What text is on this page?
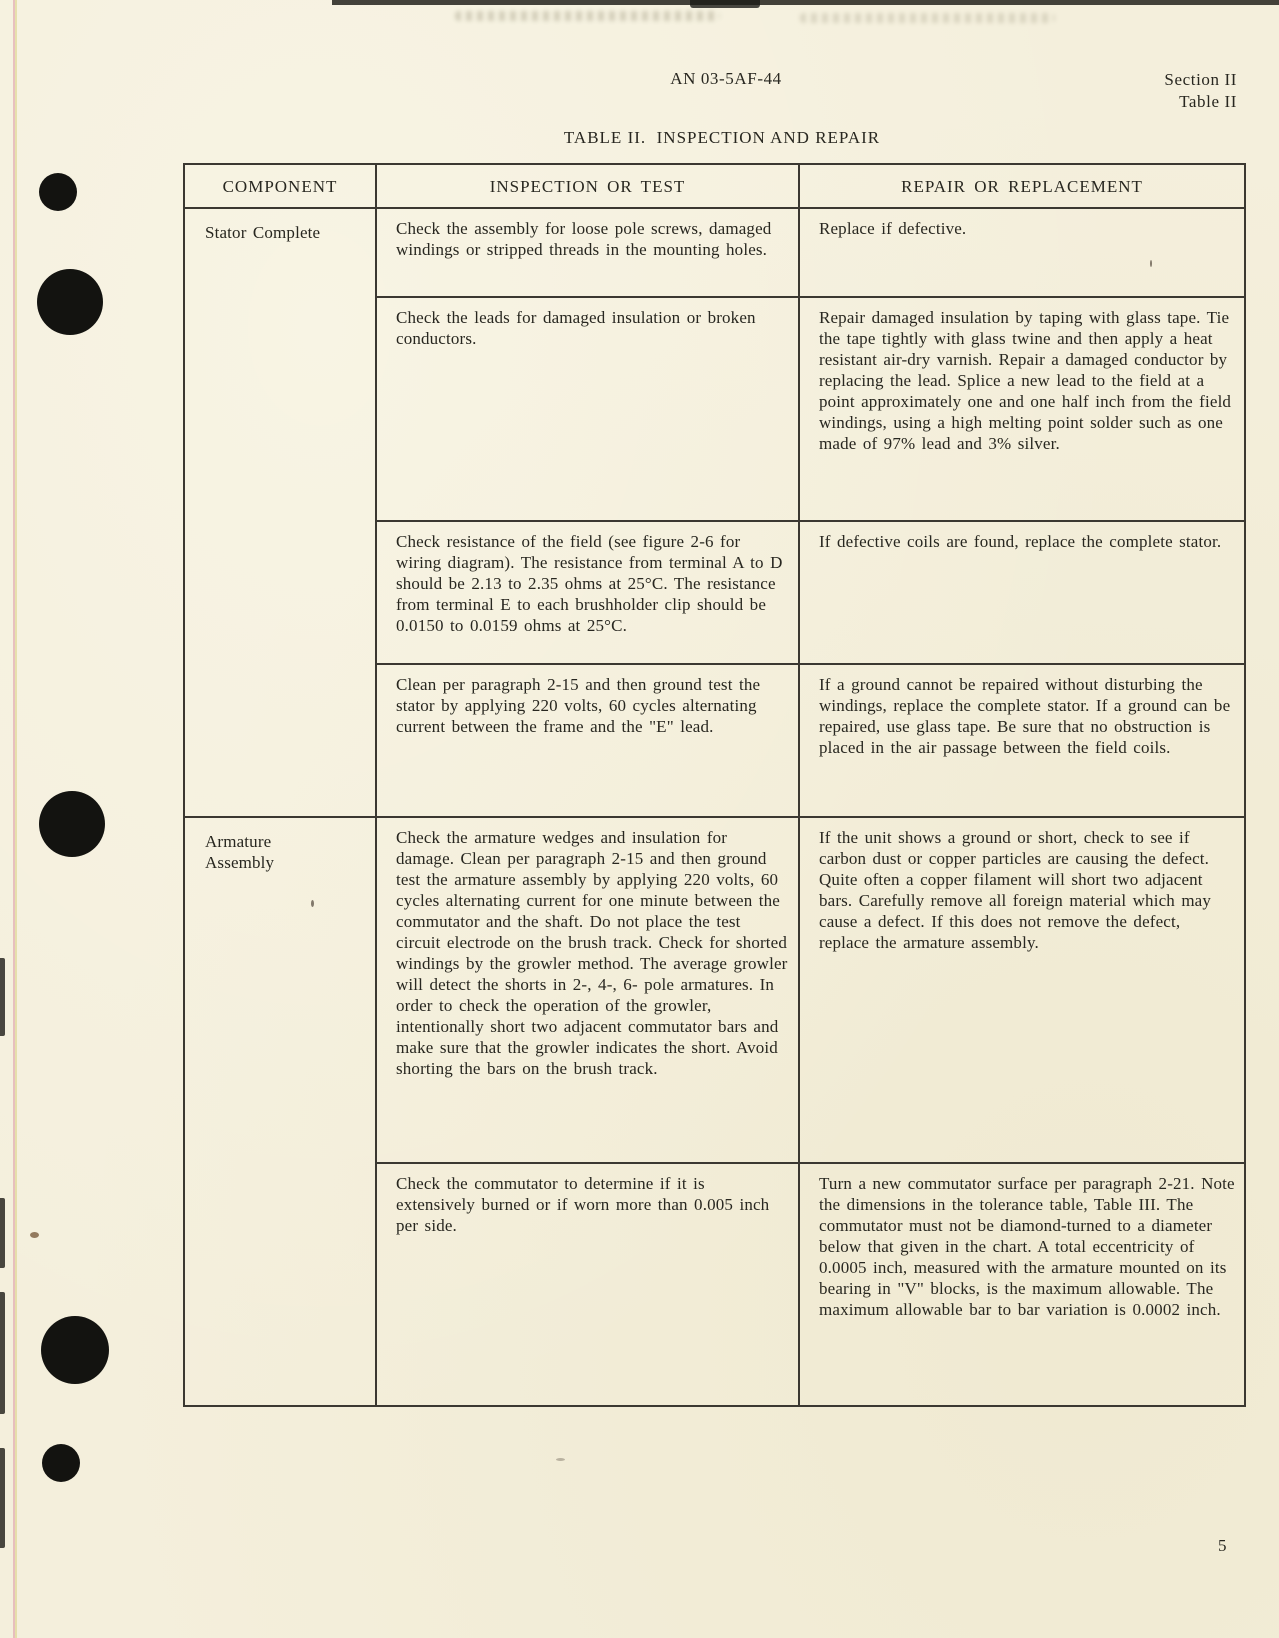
AN 03-5AF-44	Section II
Table II
TABLE II.  INSPECTION AND REPAIR
COMPONENT	INSPECTION OR TEST	REPAIR OR REPLACEMENT
Stator Complete	Check the assembly for loose pole screws, damaged windings or stripped threads in the mounting holes.	Replace if defective.
	Check the leads for damaged insulation or broken conductors.	Repair damaged insulation by taping with glass tape. Tie the tape tightly with glass twine and then apply a heat resistant air-dry varnish. Repair a damaged conductor by replacing the lead. Splice a new lead to the field at a point approximately one and one half inch from the field windings, using a high melting point solder such as one made of 97% lead and 3% silver.
	Check resistance of the field (see figure 2-6 for wiring diagram). The resistance from terminal A to D should be 2.13 to 2.35 ohms at 25°C. The resistance from terminal E to each brushholder clip should be 0.0150 to 0.0159 ohms at 25°C.	If defective coils are found, replace the complete stator.
	Clean per paragraph 2-15 and then ground test the stator by applying 220 volts, 60 cycles alternating current between the frame and the "E" lead.	If a ground cannot be repaired without disturbing the windings, replace the complete stator. If a ground can be repaired, use glass tape. Be sure that no obstruction is placed in the air passage between the field coils.
Armature Assembly	Check the armature wedges and insulation for damage. Clean per paragraph 2-15 and then ground test the armature assembly by applying 220 volts, 60 cycles alternating current for one minute between the commutator and the shaft. Do not place the test circuit electrode on the brush track. Check for shorted windings by the growler method. The average growler will detect the shorts in 2-, 4-, 6- pole armatures. In order to check the operation of the growler, intentionally short two adjacent commutator bars and make sure that the growler indicates the short. Avoid shorting the bars on the brush track.	If the unit shows a ground or short, check to see if carbon dust or copper particles are causing the defect. Quite often a copper filament will short two adjacent bars. Carefully remove all foreign material which may cause a defect. If this does not remove the defect, replace the armature assembly.
	Check the commutator to determine if it is extensively burned or if worn more than 0.005 inch per side.	Turn a new commutator surface per paragraph 2-21. Note the dimensions in the tolerance table, Table III. The commutator must not be diamond-turned to a diameter below that given in the chart. A total eccentricity of 0.0005 inch, measured with the armature mounted on its bearing in "V" blocks, is the maximum allowable. The maximum allowable bar to bar variation is 0.0002 inch.
5
